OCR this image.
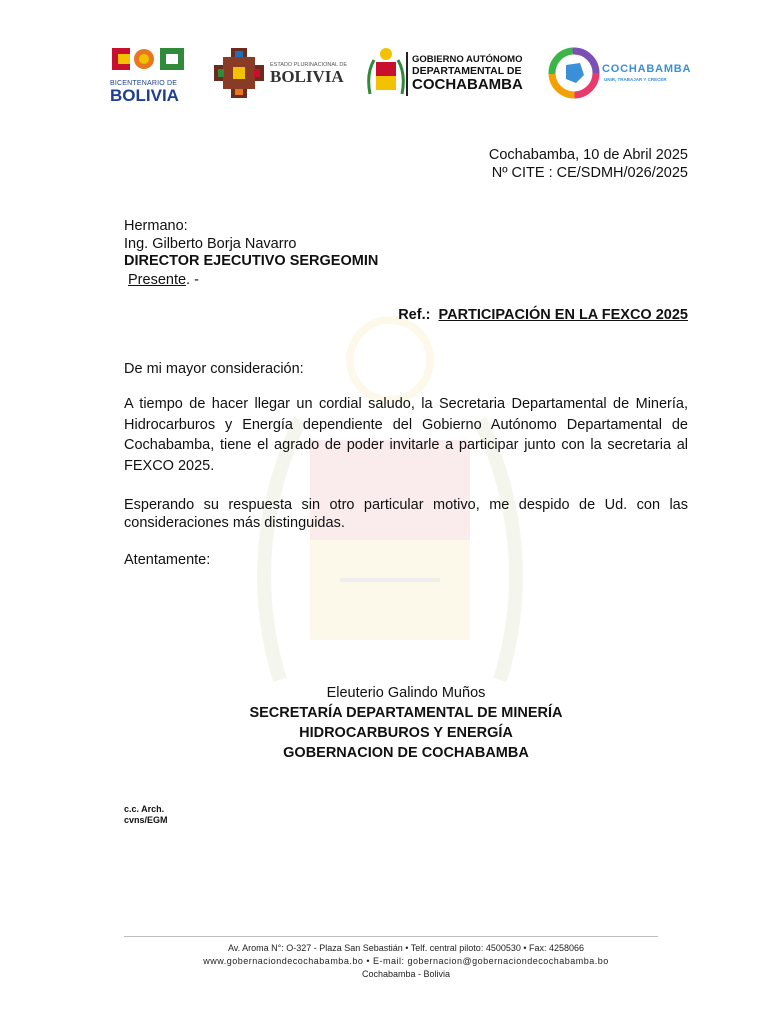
BICENTENARIO DE
BOLIVIA
ESTADO PLURINACIONAL DE
BOLIVIA
GOBIERNO AUTÓNOMO
DEPARTAMENTAL DE
COCHABAMBA
COCHABAMBA
UNIR, TRABAJAR Y CRECER
Cochabamba, 10 de Abril 2025
Nº CITE : CE/SDMH/026/2025
Hermano:
Ing. Gilberto Borja Navarro
DIRECTOR EJECUTIVO SERGEOMIN
Presente. -
Ref.: PARTICIPACIÓN EN LA FEXCO 2025
De mi mayor consideración:
A tiempo de hacer llegar un cordial saludo, la Secretaria Departamental de Minería, Hidrocarburos y Energía dependiente del Gobierno Autónomo Departamental de Cochabamba, tiene el agrado de poder invitarle a participar junto con la secretaria al FEXCO 2025.
Esperando su respuesta sin otro particular motivo, me despido de Ud. con las consideraciones más distinguidas.
Atentamente:
Eleuterio Galindo Muños
SECRETARÍA DEPARTAMENTAL DE MINERÍA
HIDROCARBUROS Y ENERGÍA
GOBERNACION DE COCHABAMBA
c.c. Arch.
cvns/EGM
Av. Aroma N°: O-327 - Plaza San Sebastián • Telf. central piloto: 4500530 • Fax: 4258066
www.gobernaciondecochabamba.bo • E-mail: gobernacion@gobernaciondecochabamba.bo
Cochabamba - Bolivia
